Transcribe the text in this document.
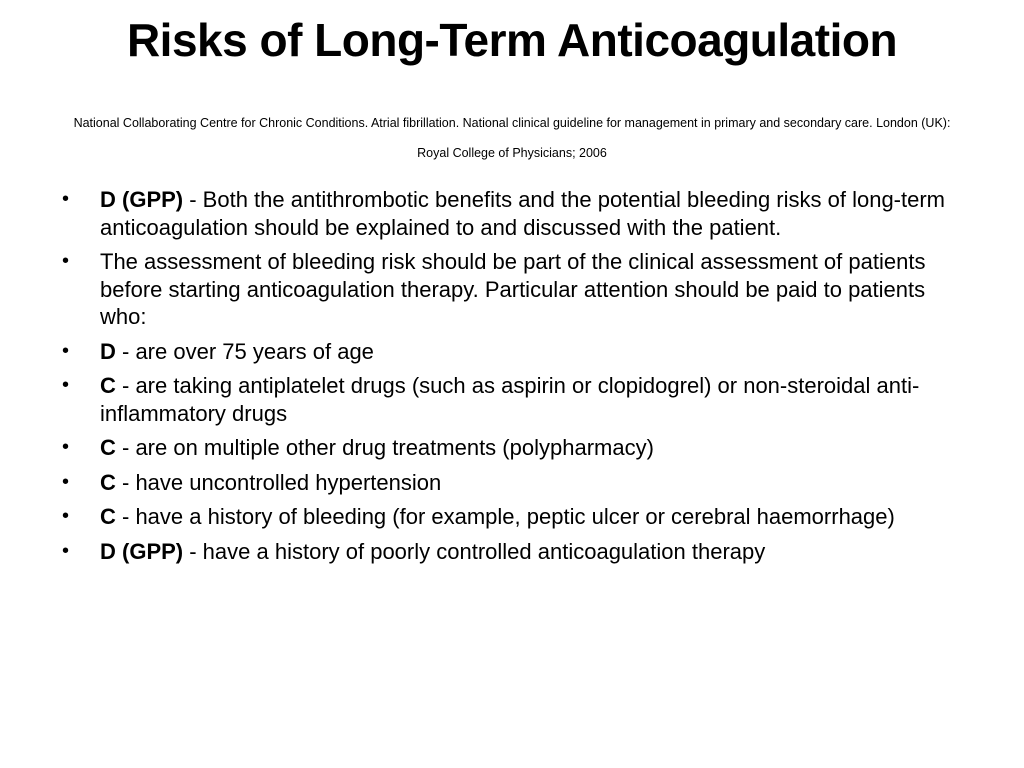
Risks of Long-Term Anticoagulation

National Collaborating Centre for Chronic Conditions. Atrial fibrillation. National clinical guideline for management in primary and secondary care. London (UK): Royal College of Physicians; 2006

•	D (GPP) - Both the antithrombotic benefits and the potential bleeding risks of long-term anticoagulation should be explained to and discussed with the patient.
•	The assessment of bleeding risk should be part of the clinical assessment of patients before starting anticoagulation therapy. Particular attention should be paid to patients who:
•	D - are over 75 years of age
•	C - are taking antiplatelet drugs (such as aspirin or clopidogrel) or non-steroidal anti-inflammatory drugs
•	C - are on multiple other drug treatments (polypharmacy)
•	C - have uncontrolled hypertension
•	C - have a history of bleeding (for example, peptic ulcer or cerebral haemorrhage)
•	D (GPP) - have a history of poorly controlled anticoagulation therapy
